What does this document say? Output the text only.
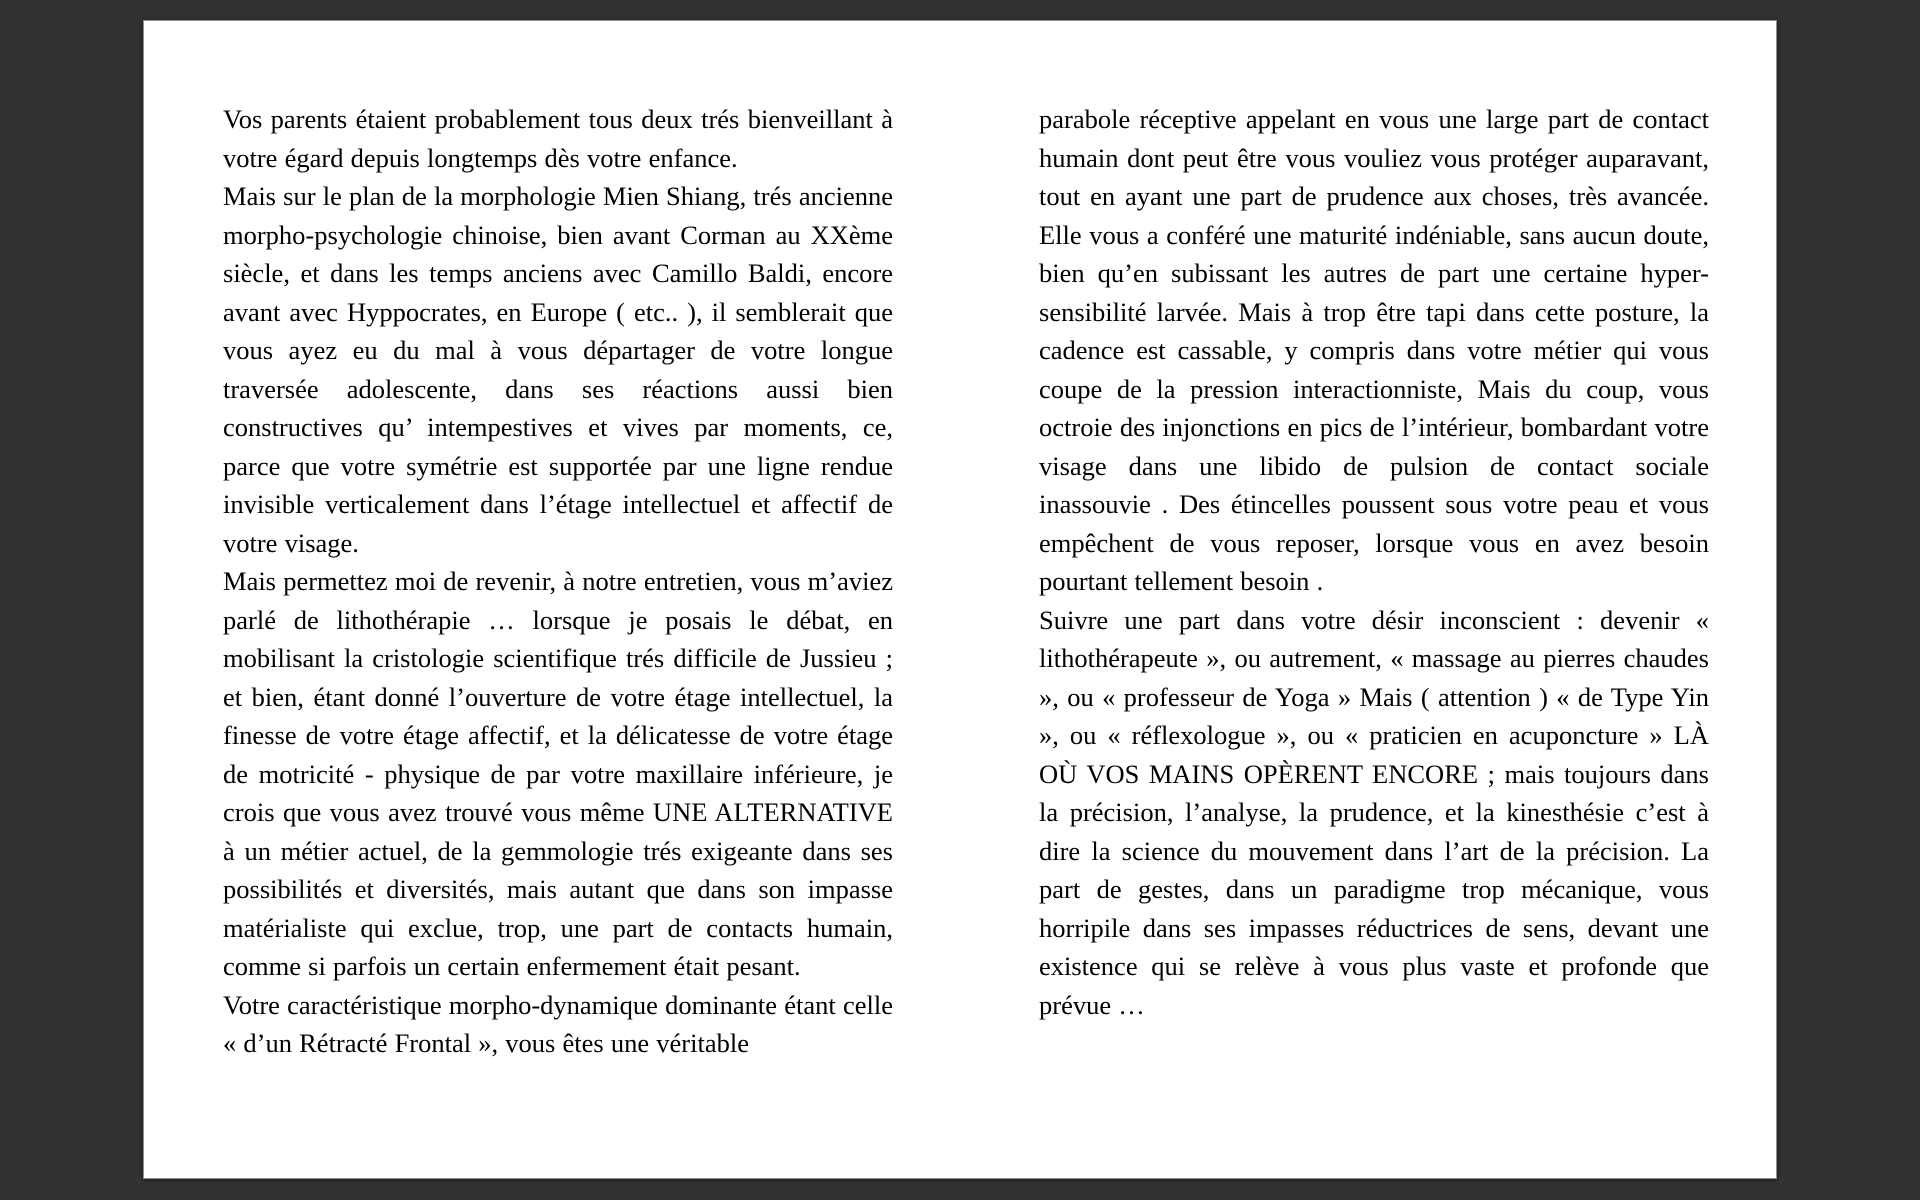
Vos parents étaient probablement tous deux trés bienveillant à votre égard depuis longtemps dès votre enfance.

Mais sur le plan de la morphologie Mien Shiang, trés ancienne morpho-psychologie chinoise, bien avant Corman au XXème siècle, et dans les temps anciens avec Camillo Baldi, encore avant avec Hyppocrates, en Europe ( etc.. ), il semblerait que vous ayez eu du mal à vous départager de votre longue traversée adolescente, dans ses réactions aussi bien constructives qu’ intempestives et vives par moments, ce, parce que votre symétrie est supportée par une ligne rendue invisible verticalement dans l’étage intellectuel et affectif de votre visage.

Mais permettez moi de revenir, à notre entretien, vous m’aviez parlé de lithothérapie … lorsque je posais le débat, en mobilisant la cristologie scientifique trés difficile de Jussieu ; et bien, étant donné l’ouverture de votre étage intellectuel, la finesse de votre étage affectif, et la délicatesse de votre étage de motricité - physique de par votre maxillaire inférieure, je crois que vous avez trouvé vous même UNE ALTERNATIVE à un métier actuel, de la gemmologie trés exigeante dans ses possibilités et diversités, mais autant que dans son impasse matérialiste qui exclue, trop, une part de contacts humain, comme si parfois un certain enfermement était pesant.

Votre caractéristique morpho-dynamique dominante étant celle « d’un Rétracté Frontal », vous êtes une véritable

parabole réceptive appelant en vous une large part de contact humain dont peut être vous vouliez vous protéger auparavant, tout en ayant une part de prudence aux choses, très avancée. Elle vous a conféré une maturité indéniable, sans aucun doute, bien qu’en subissant les autres de part une certaine hyper-sensibilité larvée. Mais à trop être tapi dans cette posture, la cadence est cassable, y compris dans votre métier qui vous coupe de la pression interactionniste, Mais du coup, vous octroie des injonctions en pics de l’intérieur, bombardant votre visage dans une libido de pulsion de contact sociale inassouvie . Des étincelles poussent sous votre peau et vous empêchent de vous reposer, lorsque vous en avez besoin pourtant tellement besoin .

Suivre une part dans votre désir inconscient : devenir « lithothérapeute », ou autrement, « massage au pierres chaudes », ou « professeur de Yoga » Mais ( attention ) « de Type Yin », ou « réflexologue », ou « praticien en acuponcture » LÀ OÙ VOS MAINS OPÈRENT ENCORE ; mais toujours dans la précision, l’analyse, la prudence, et la kinesthésie c’est à dire la science du mouvement dans l’art de la précision. La part de gestes, dans un paradigme trop mécanique, vous horripile dans ses impasses réductrices de sens, devant une existence qui se relève à vous plus vaste et profonde que prévue …
